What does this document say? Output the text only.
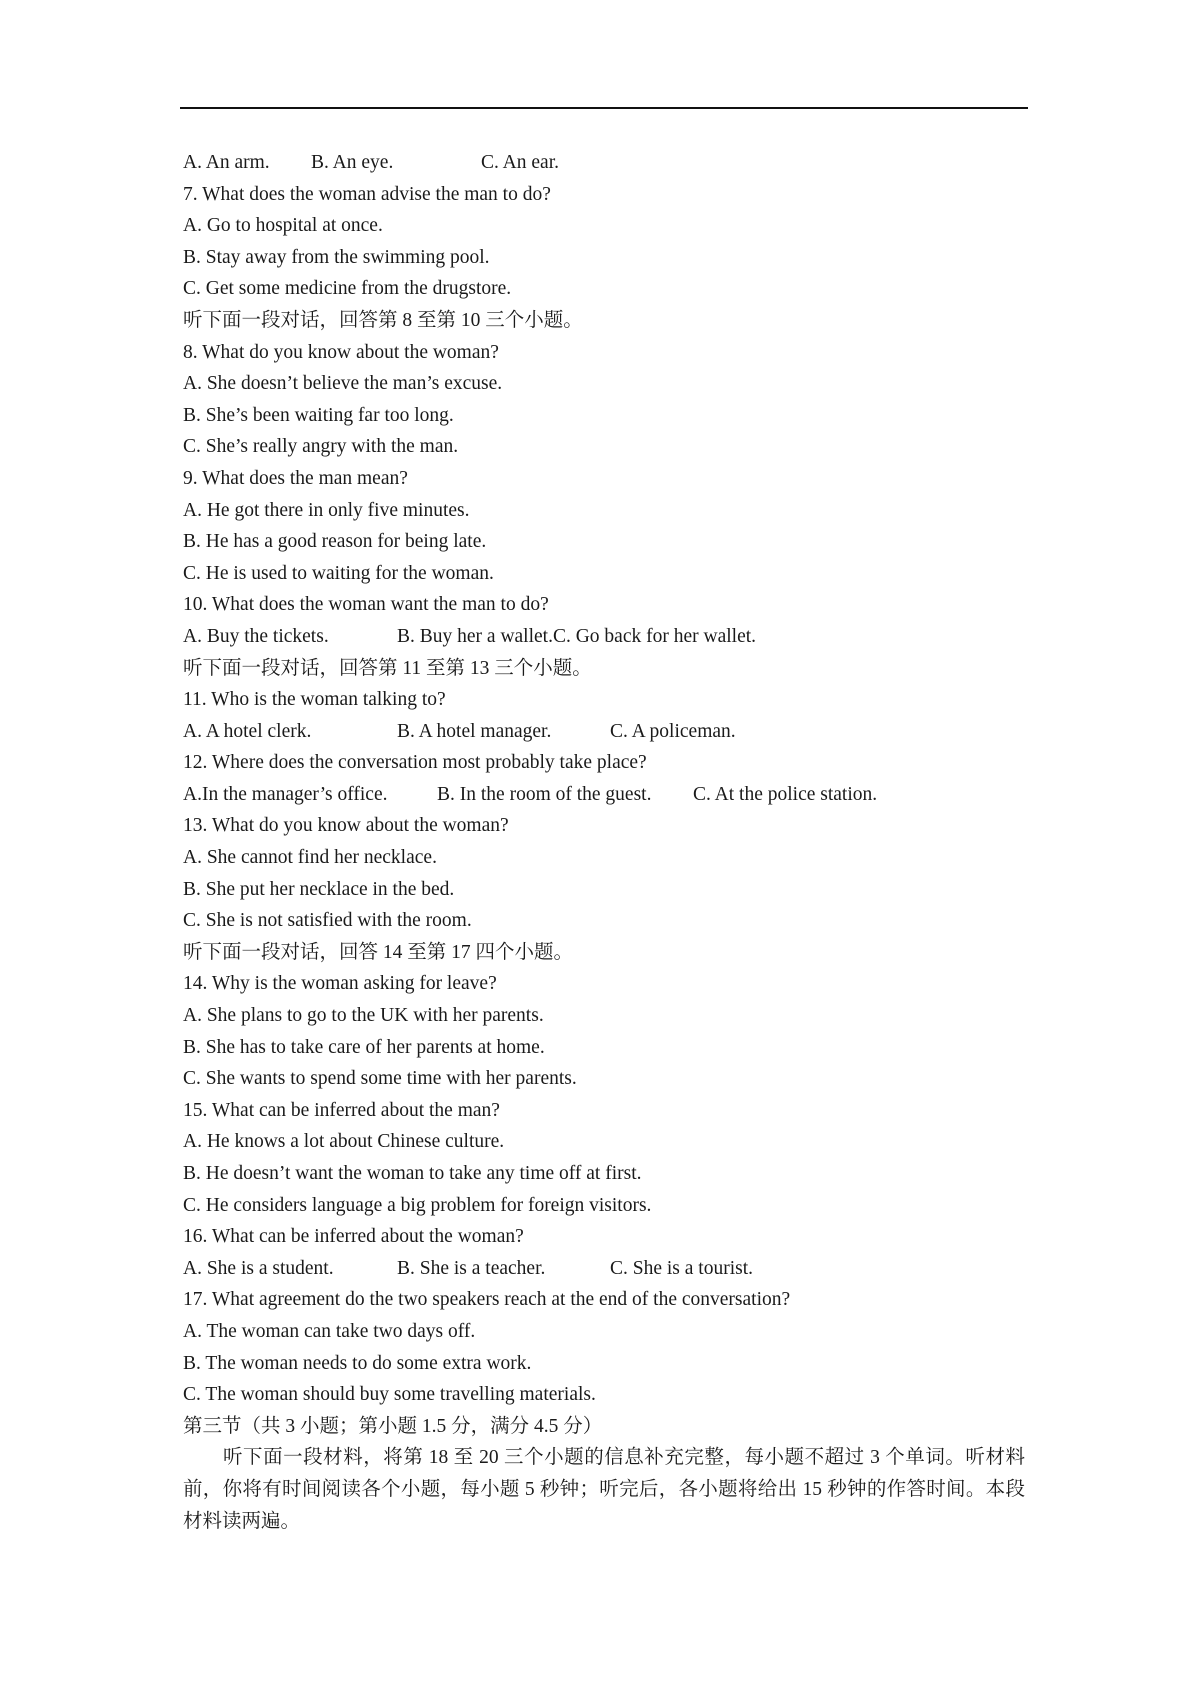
A. An arm. B. An eye.	C. An ear.
7. What does the woman advise the man to do?
A. Go to hospital at once.
B. Stay away from the swimming pool.
C. Get some medicine from the drugstore.
听下面一段对话，回答第 8 至第 10 三个小题。
8. What do you know about the woman?
A. She doesn’t believe the man’s excuse.
B. She’s been waiting far too long.
C. She’s really angry with the man.
9. What does the man mean?
A. He got there in only five minutes.
B. He has a good reason for being late.
C. He is used to waiting for the woman.
10. What does the woman want the man to do?
A. Buy the tickets.	B. Buy her a wallet.C. Go back for her wallet.
听下面一段对话，回答第 11 至第 13 三个小题。
11. Who is the woman talking to?
A. A hotel clerk.	B. A hotel manager.	C. A policeman.
12. Where does the conversation most probably take place?
A.In the manager’s office.	B. In the room of the guest. C. At the police station.
13. What do you know about the woman?
A. She cannot find her necklace.
B. She put her necklace in the bed.
C. She is not satisfied with the room.
听下面一段对话，回答 14 至第 17 四个小题。
14. Why is the woman asking for leave?
A. She plans to go to the UK with her parents.
B. She has to take care of her parents at home.
C. She wants to spend some time with her parents.
15. What can be inferred about the man?
A. He knows a lot about Chinese culture.
B. He doesn’t want the woman to take any time off at first.
C. He considers language a big problem for foreign visitors.
16. What can be inferred about the woman?
A. She is a student.	B. She is a teacher.	C. She is a tourist.
17. What agreement do the two speakers reach at the end of the conversation?
A. The woman can take two days off.
B. The woman needs to do some extra work.
C. The woman should buy some travelling materials.
第三节（共 3 小题；第小题 1.5 分，满分 4.5 分）
听下面一段材料，将第 18 至 20 三个小题的信息补充完整，每小题不超过 3 个单词。听材料前，你将有时间阅读各个小题，每小题 5 秒钟；听完后，各小题将给出 15 秒钟的作答时间。本段材料读两遍。
